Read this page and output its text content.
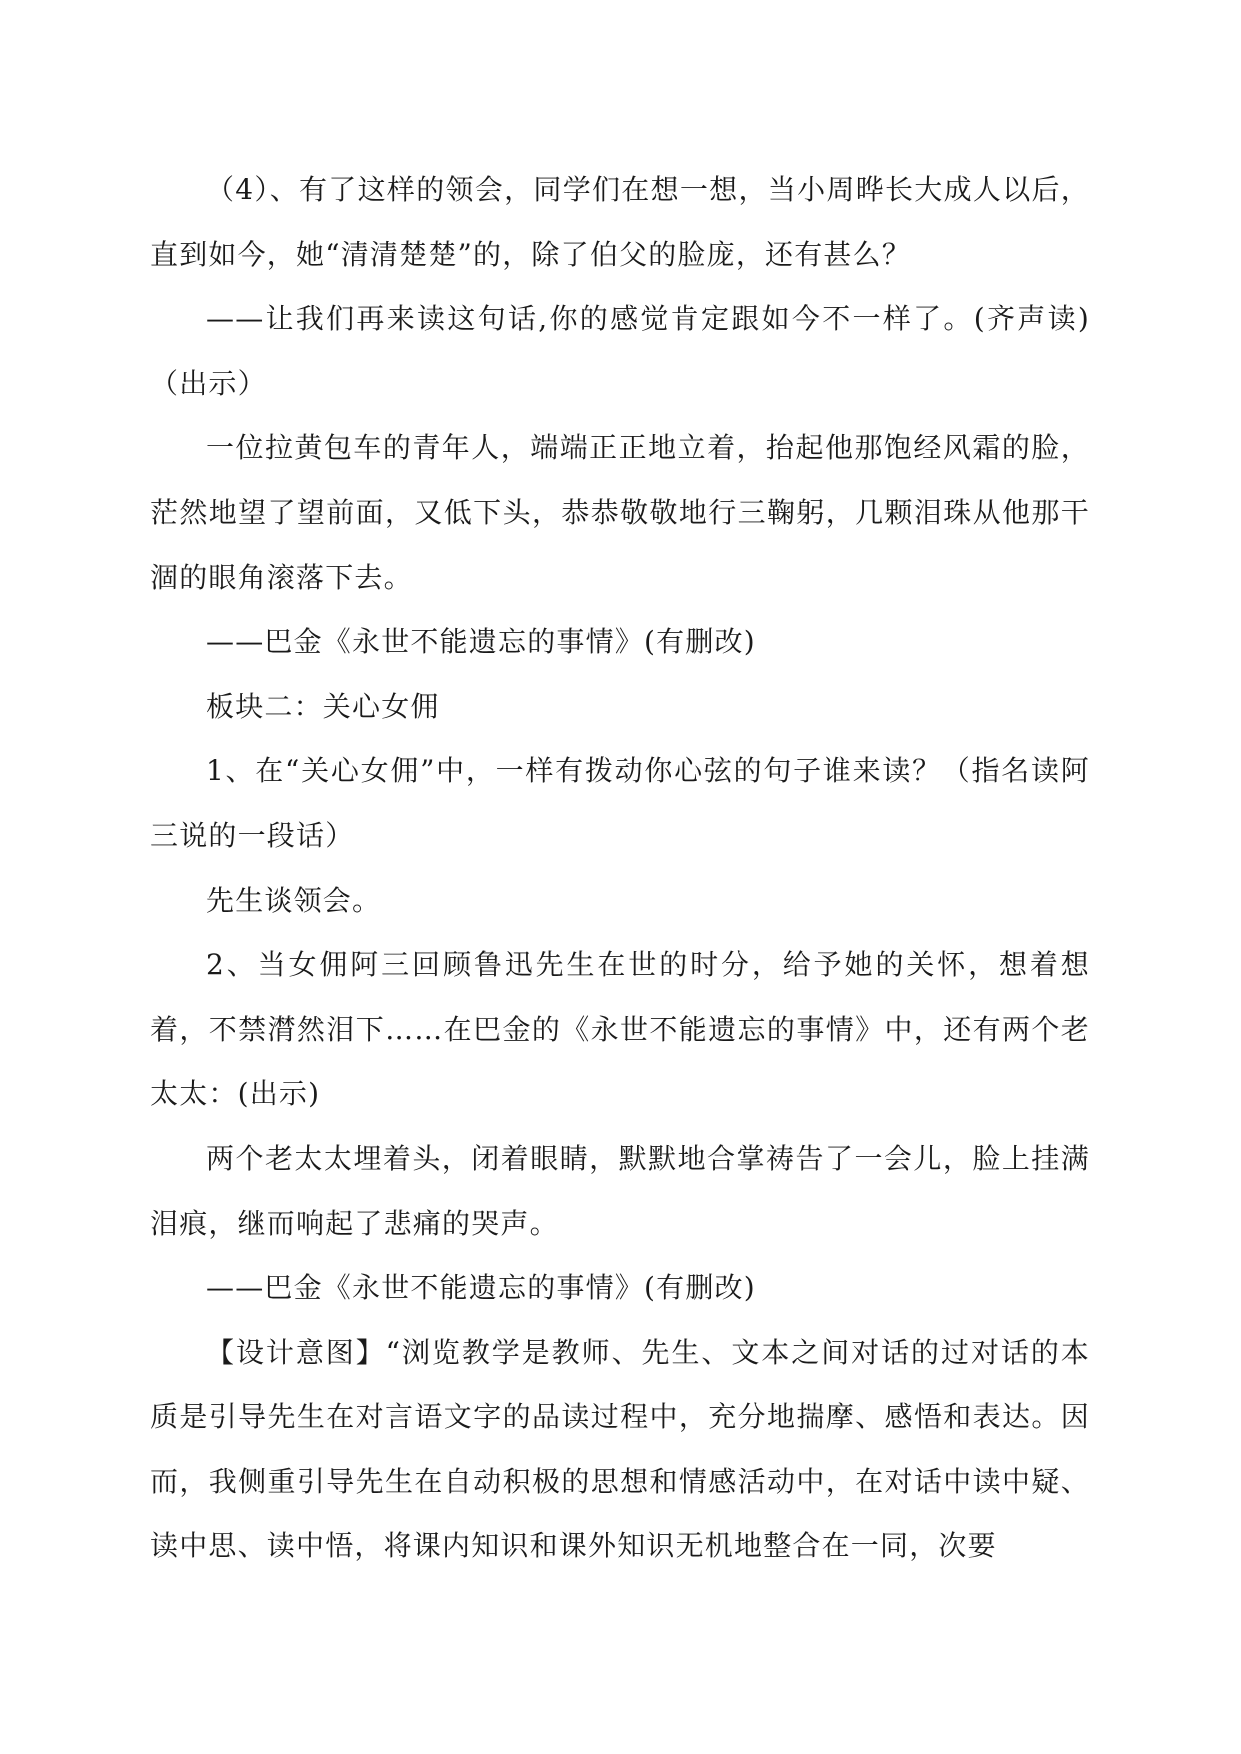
（4）、有了这样的领会，同学们在想一想，当小周晔长大成人以后，直到如今，她“清清楚楚”的，除了伯父的脸庞，还有甚么？

——让我们再来读这句话,你的感觉肯定跟如今不一样了。(齐声读)（出示）

一位拉黄包车的青年人，端端正正地立着，抬起他那饱经风霜的脸，茫然地望了望前面，又低下头，恭恭敬敬地行三鞠躬，几颗泪珠从他那干涸的眼角滚落下去。

——巴金《永世不能遗忘的事情》(有删改)

板块二：关心女佣

1、在“关心女佣”中，一样有拨动你心弦的句子谁来读？（指名读阿三说的一段话）

先生谈领会。

2、当女佣阿三回顾鲁迅先生在世的时分，给予她的关怀，想着想着，不禁潸然泪下……在巴金的《永世不能遗忘的事情》中，还有两个老太太：(出示)

两个老太太埋着头，闭着眼睛，默默地合掌祷告了一会儿，脸上挂满泪痕，继而响起了悲痛的哭声。

——巴金《永世不能遗忘的事情》(有删改)

【设计意图】“浏览教学是教师、先生、文本之间对话的过对话的本质是引导先生在对言语文字的品读过程中，充分地揣摩、感悟和表达。因而，我侧重引导先生在自动积极的思想和情感活动中，在对话中读中疑、读中思、读中悟，将课内知识和课外知识无机地整合在一同，次要
